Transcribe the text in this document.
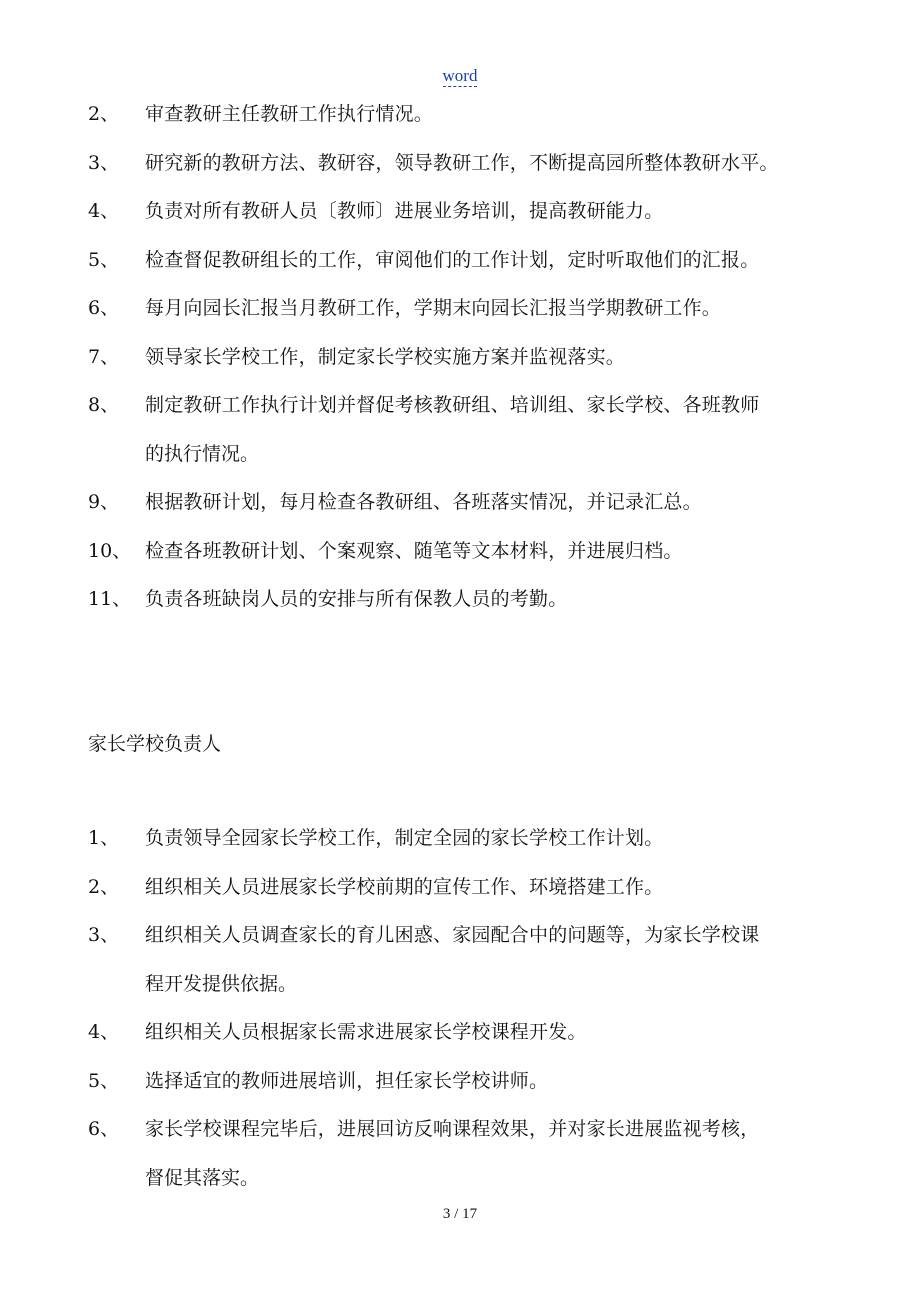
word
2、	审查教研主任教研工作执行情况。
3、	研究新的教研方法、教研容，领导教研工作，不断提高园所整体教研水平。
4、	负责对所有教研人员〔教师〕进展业务培训，提高教研能力。
5、	检查督促教研组长的工作，审阅他们的工作计划，定时听取他们的汇报。
6、	每月向园长汇报当月教研工作，学期末向园长汇报当学期教研工作。
7、	领导家长学校工作，制定家长学校实施方案并监视落实。
8、	制定教研工作执行计划并督促考核教研组、培训组、家长学校、各班教师
的执行情况。
9、	根据教研计划，每月检查各教研组、各班落实情况，并记录汇总。
10、 检查各班教研计划、个案观察、随笔等文本材料，并进展归档。
11、 负责各班缺岗人员的安排与所有保教人员的考勤。
家长学校负责人
1、	负责领导全园家长学校工作，制定全园的家长学校工作计划。
2、	组织相关人员进展家长学校前期的宣传工作、环境搭建工作。
3、	组织相关人员调查家长的育儿困惑、家园配合中的问题等，为家长学校课
程开发提供依据。
4、	组织相关人员根据家长需求进展家长学校课程开发。
5、	选择适宜的教师进展培训，担任家长学校讲师。
6、	家长学校课程完毕后，进展回访反响课程效果，并对家长进展监视考核，
督促其落实。
3 / 17
